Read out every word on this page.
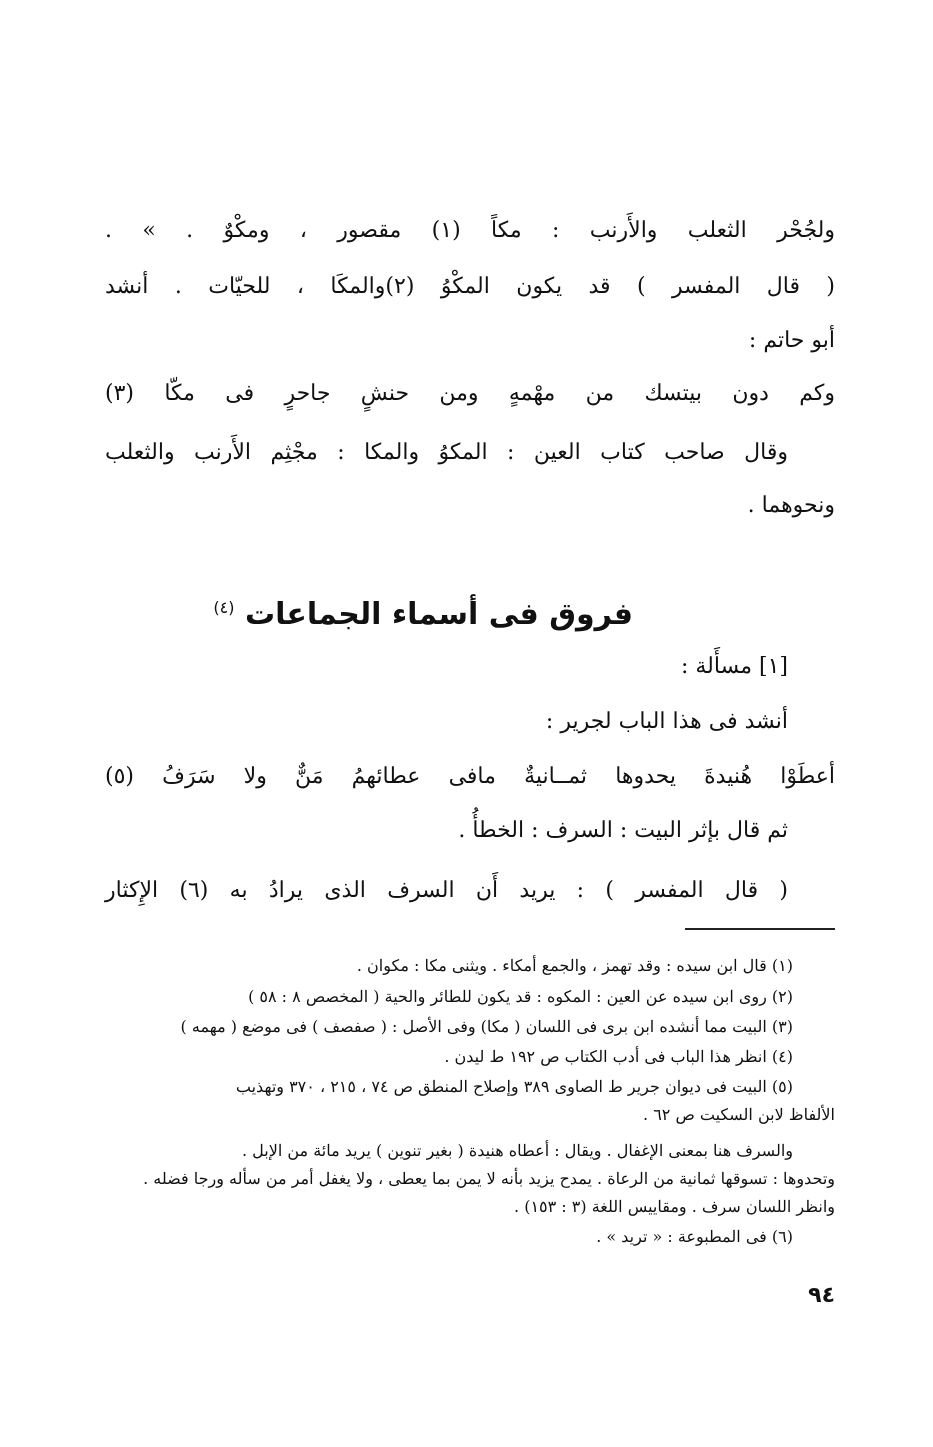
ولجُحْر الثعلب والأَرنب : مكاً (١) مقصور ، ومكْوٌ . » .
( قال المفسر ) قد يكون المكْوُ (٢)والمكَا ، للحيّات . أنشد
أبو حاتم :
وكم دون بيتسك من مهْمهٍ ومن حنشٍ جاحرٍ فى مكّا (٣)
وقال صاحب كتاب العين : المكوُ والمكا : مجْثِم الأَرنب والثعلب
ونحوهما .
فروق فى أسماء الجماعات $^{(٤)}$
[١] مسأَلة :
أنشد فى هذا الباب لجرير :
أعطَوْا هُنيدةَ يحدوها ثمــانيةٌ مافى عطائهمُ مَنٌّ ولا سَرَفُ (٥)
ثم قال بإثر البيت : السرف : الخطأُ .
( قال المفسر ) : يريد أَن السرف الذى يرادُ به (٦) الإِكثار
(١) قال ابن سيده : وقد تهمز ، والجمع أمكاء . ويثنى مكا : مكوان .
(٢) روى ابن سيده عن العين : المكوه : قد يكون للطائر والحية ( المخصص ٨ : ٥٨ )
(٣) البيت مما أنشده ابن برى فى اللسان ( مكا) وفى الأصل : ( صفصف ) فى موضع ( مهمه )
(٤) انظر هذا الباب فى أدب الكتاب ص ١٩٢ ط ليدن .
(٥) البيت فى ديوان جرير ط الصاوى ٣٨٩ وإصلاح المنطق ص ٧٤ ، ٢١٥ ، ٣٧٠ وتهذيب
الألفاظ لابن السكيت ص ٦٢ .
والسرف هنا بمعنى الإغفال . ويقال : أعطاه هنيدة ( بغير تنوين ) يريد مائة من الإبل .
وتحدوها : تسوقها ثمانية من الرعاة . يمدح يزيد بأنه لا يمن بما يعطى ، ولا يغفل أمر من سأله ورجا فضله .
وانظر اللسان سرف . ومقاييس اللغة (٣ : ١٥٣) .
(٦) فى المطبوعة : « ترید » .
٩٤
